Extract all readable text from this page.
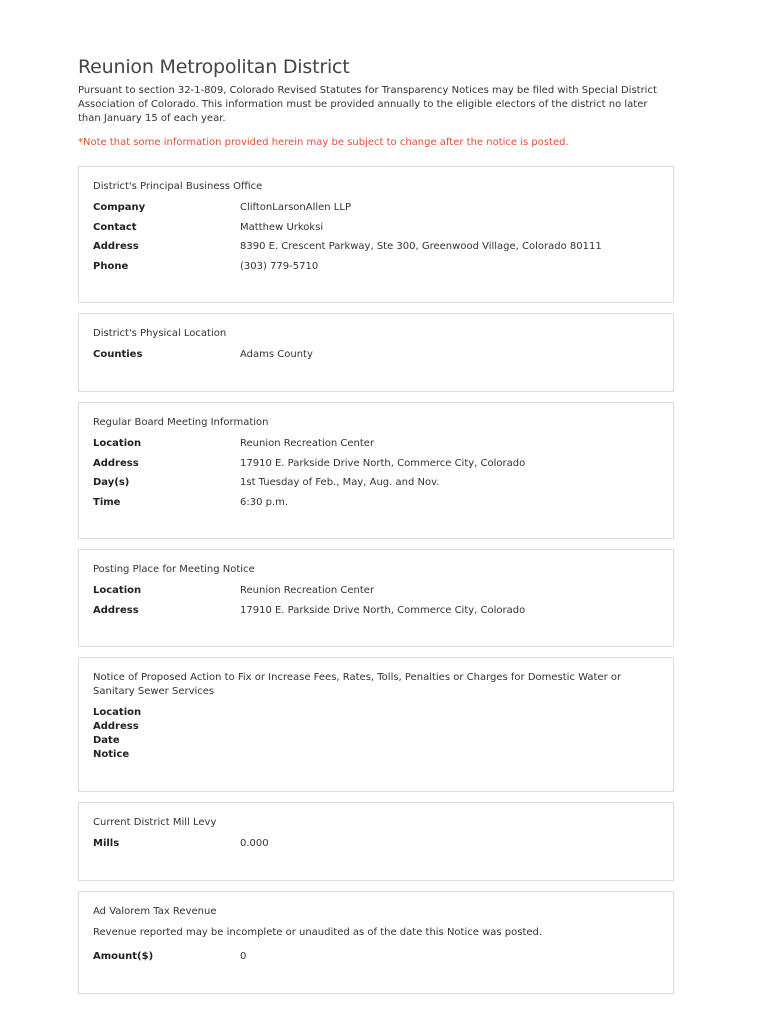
Reunion Metropolitan District

Pursuant to section 32-1-809, Colorado Revised Statutes for Transparency Notices may be filed with Special District Association of Colorado. This information must be provided annually to the eligible electors of the district no later than January 15 of each year.

*Note that some information provided herein may be subject to change after the notice is posted.

District's Principal Business Office
Company	CliftonLarsonAllen LLP
Contact	Matthew Urkoksi
Address	8390 E. Crescent Parkway, Ste 300, Greenwood Village, Colorado 80111
Phone	(303) 779-5710
District's Physical Location
Counties	Adams County
Regular Board Meeting Information
Location	Reunion Recreation Center
Address	17910 E. Parkside Drive North, Commerce City, Colorado
Day(s)	1st Tuesday of Feb., May, Aug. and Nov.
Time	6:30 p.m.
Posting Place for Meeting Notice
Location	Reunion Recreation Center
Address	17910 E. Parkside Drive North, Commerce City, Colorado
Notice of Proposed Action to Fix or Increase Fees, Rates, Tolls, Penalties or Charges for Domestic Water or Sanitary Sewer Services
Location
Address
Date
Notice
Current District Mill Levy
Mills	0.000
Ad Valorem Tax Revenue
Revenue reported may be incomplete or unaudited as of the date this Notice was posted.
Amount($)	0
